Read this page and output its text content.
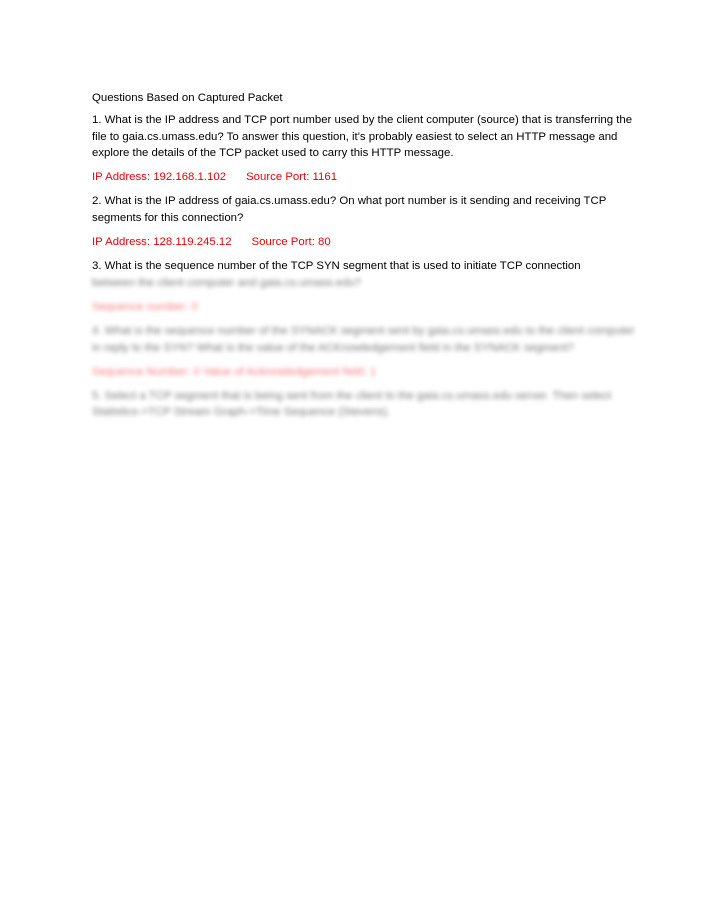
Questions Based on Captured Packet

1. What is the IP address and TCP port number used by the client computer (source) that is transferring the file to gaia.cs.umass.edu? To answer this question, it's probably easiest to select an HTTP message and explore the details of the TCP packet used to carry this HTTP message.

IP Address: 192.168.1.102 Source Port: 1161

2. What is the IP address of gaia.cs.umass.edu? On what port number is it sending and receiving TCP segments for this connection?

IP Address: 128.119.245.12 Source Port: 80

3. What is the sequence number of the TCP SYN segment that is used to initiate TCP connection
between the client computer and gaia.cs.umass.edu?

Sequence number: 0

4. What is the sequence number of the SYNACK segment sent by gaia.cs.umass.edu to the client computer in reply to the SYN? What is the value of the ACKnowledgement field in the SYNACK segment?

Sequence Number: 0 Value of Acknowledgement field: 1

5. Select a TCP segment that is being sent from the client to the gaia.cs.umass.edu server. Then select Statistics->TCP Stream Graph->Time Sequence (Stevens).
